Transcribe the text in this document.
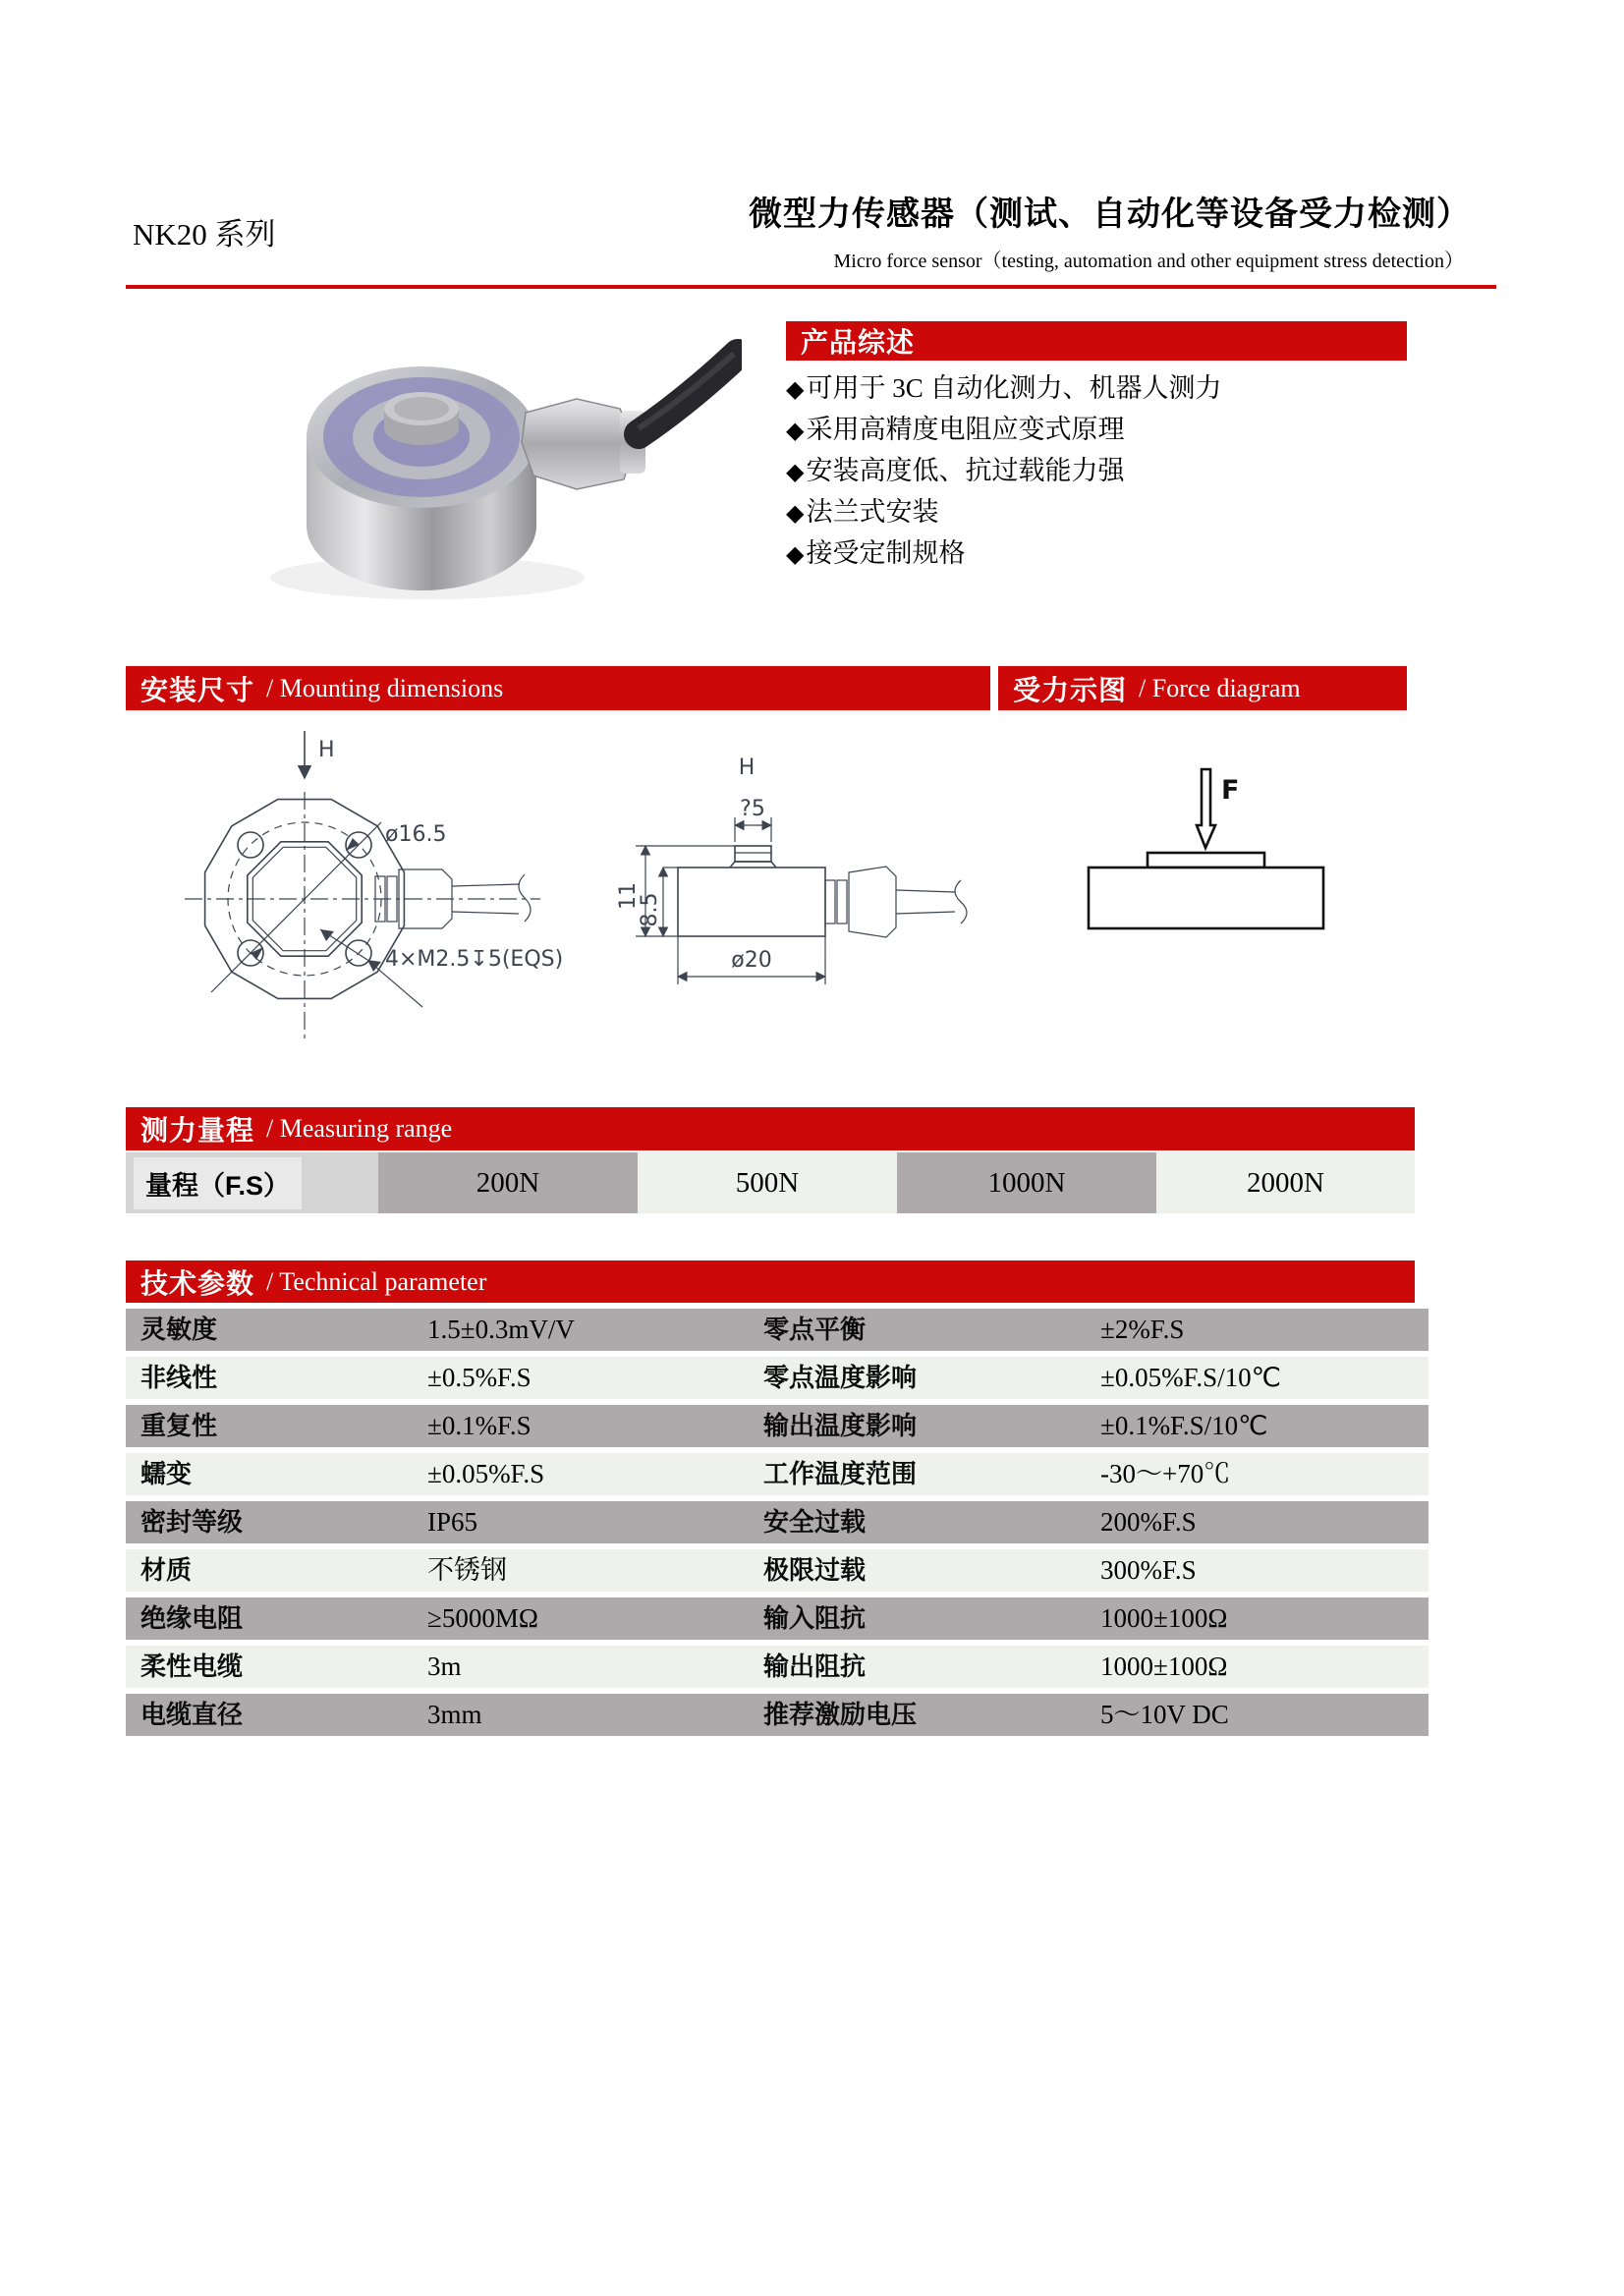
NK20 系列
微型力传感器（测试、自动化等设备受力检测）
Micro force sensor（testing, automation and other equipment stress detection）
产品综述
◆可用于 3C 自动化测力、机器人测力
◆采用高精度电阻应变式原理
◆安装高度低、抗过载能力强
◆法兰式安装
◆接受定制规格
安装尺寸 / Mounting dimensions	受力示图 / Force diagram
H
ø16.5
4×M2.5↧5(EQS)
H
?5
11
8.5
ø20
F
测力量程 / Measuring range
量程（F.S）	200N	500N	1000N	2000N
技术参数 / Technical parameter
灵敏度	1.5±0.3mV/V	零点平衡	±2%F.S
非线性	±0.5%F.S	零点温度影响	±0.05%F.S/10℃
重复性	±0.1%F.S	输出温度影响	±0.1%F.S/10℃
蠕变	±0.05%F.S	工作温度范围	-30～+70℃
密封等级	IP65	安全过载	200%F.S
材质	不锈钢	极限过载	300%F.S
绝缘电阻	≥5000MΩ	输入阻抗	1000±100Ω
柔性电缆	3m	输出阻抗	1000±100Ω
电缆直径	3mm	推荐激励电压	5～10V DC
